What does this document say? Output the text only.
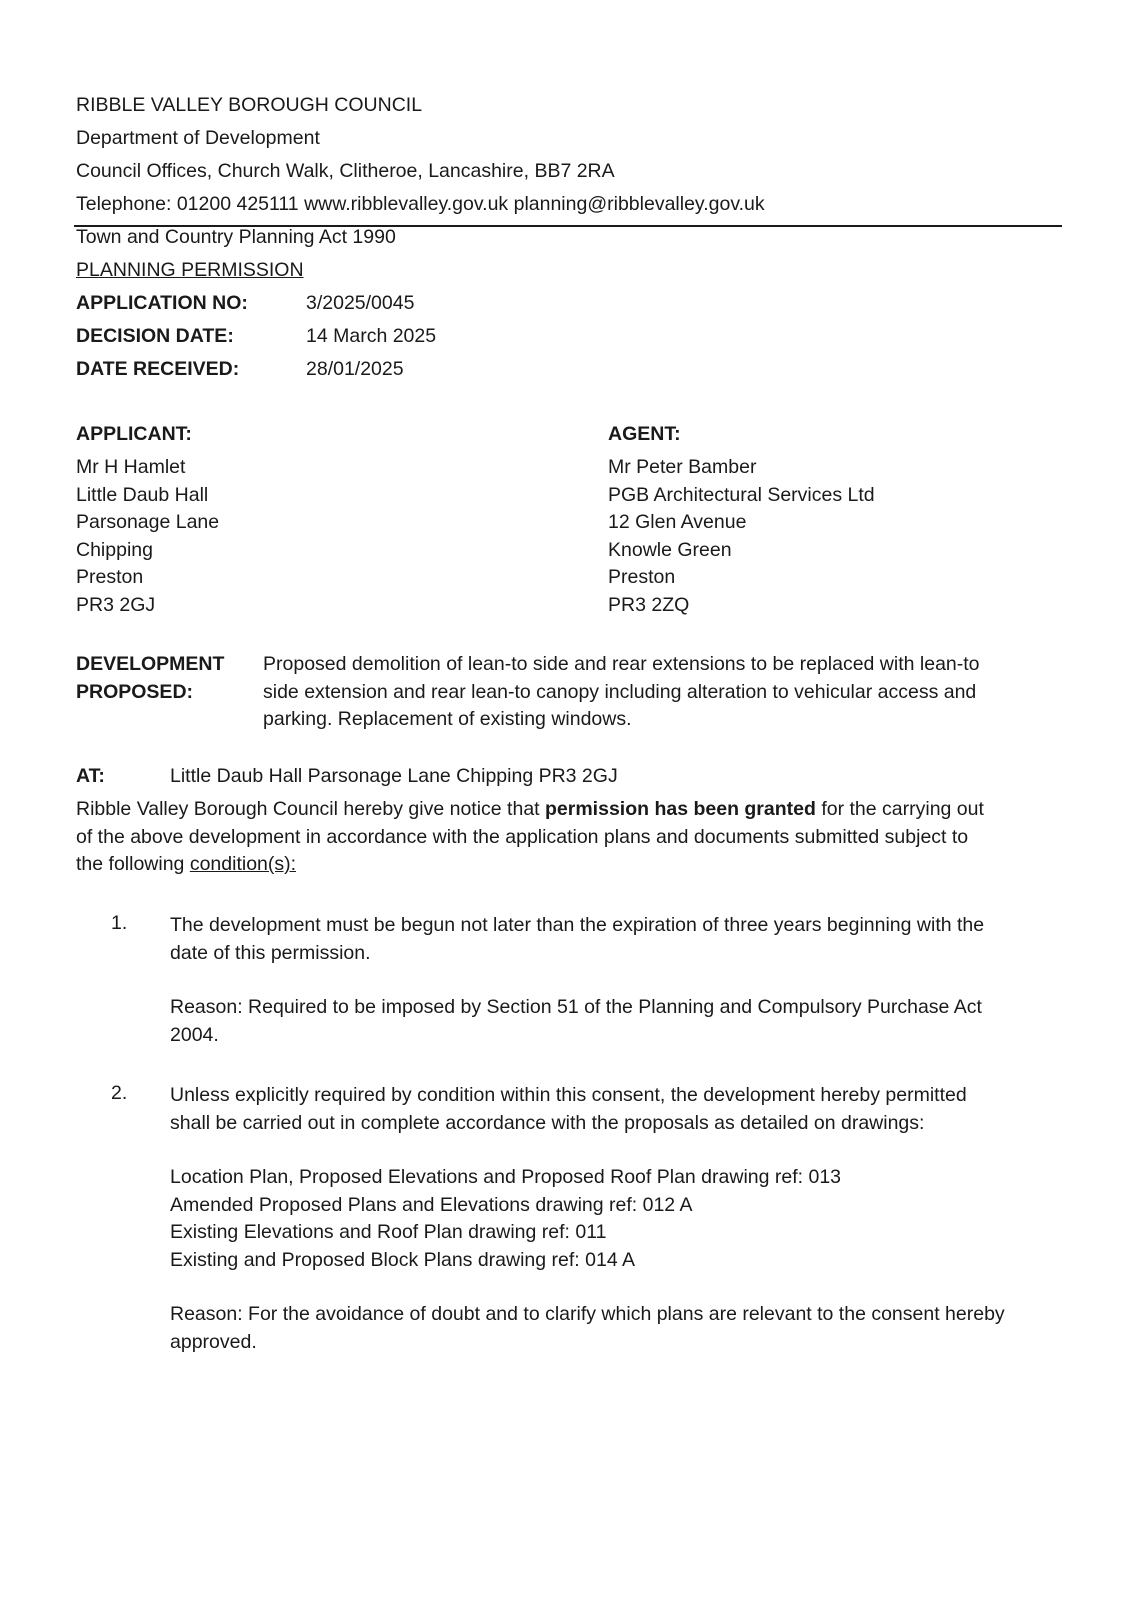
RIBBLE VALLEY BOROUGH COUNCIL
Department of Development
Council Offices, Church Walk, Clitheroe, Lancashire, BB7 2RA
Telephone: 01200 425111 www.ribblevalley.gov.uk planning@ribblevalley.gov.uk
Town and Country Planning Act 1990
PLANNING PERMISSION
APPLICATION NO:	3/2025/0045
DECISION DATE:	14 March 2025
DATE RECEIVED:	28/01/2025
APPLICANT:
Mr H Hamlet
Little Daub Hall
Parsonage Lane
Chipping
Preston
PR3 2GJ
AGENT:
Mr Peter Bamber
PGB Architectural Services Ltd
12 Glen Avenue
Knowle Green
Preston
PR3 2ZQ
DEVELOPMENT
PROPOSED:
Proposed demolition of lean-to side and rear extensions to be replaced with lean-to
side extension and rear lean-to canopy including alteration to vehicular access and
parking. Replacement of existing windows.
AT:	Little Daub Hall Parsonage Lane Chipping PR3 2GJ
Ribble Valley Borough Council hereby give notice that permission has been granted for the carrying out
of the above development in accordance with the application plans and documents submitted subject to
the following condition(s):
1. The development must be begun not later than the expiration of three years beginning with the
date of this permission.
Reason: Required to be imposed by Section 51 of the Planning and Compulsory Purchase Act
2004.
2. Unless explicitly required by condition within this consent, the development hereby permitted
shall be carried out in complete accordance with the proposals as detailed on drawings:
Location Plan, Proposed Elevations and Proposed Roof Plan drawing ref: 013
Amended Proposed Plans and Elevations drawing ref: 012 A
Existing Elevations and Roof Plan drawing ref: 011
Existing and Proposed Block Plans drawing ref: 014 A
Reason: For the avoidance of doubt and to clarify which plans are relevant to the consent hereby
approved.
